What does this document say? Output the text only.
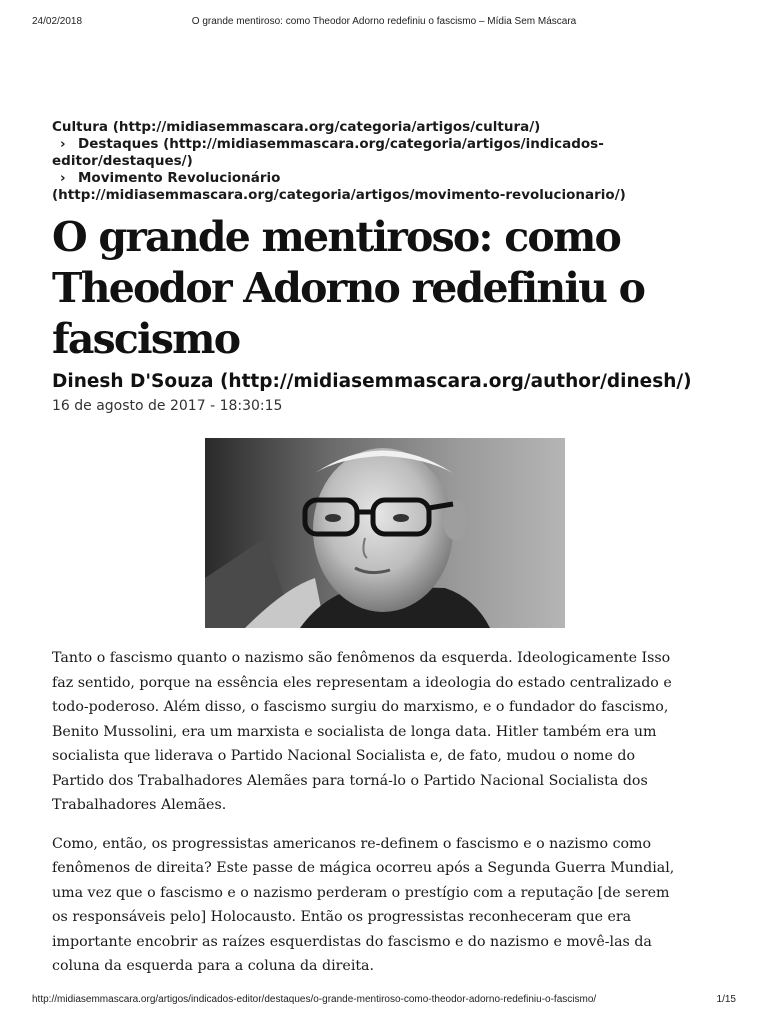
24/02/2018	O grande mentiroso: como Theodor Adorno redefiniu o fascismo – Mídia Sem Máscara
Cultura (http://midiasemmascara.org/categoria/artigos/cultura/)
› Destaques (http://midiasemmascara.org/categoria/artigos/indicados-
editor/destaques/)
› Movimento Revolucionário
(http://midiasemmascara.org/categoria/artigos/movimento-revolucionario/)
O grande mentiroso: como
Theodor Adorno redefiniu o
fascismo
Dinesh D'Souza (http://midiasemmascara.org/author/dinesh/)
16 de agosto de 2017 - 18:30:15

Tanto o fascismo quanto o nazismo são fenômenos da esquerda. Ideologicamente Isso
faz sentido, porque na essência eles representam a ideologia do estado centralizado e
todo-poderoso. Além disso, o fascismo surgiu do marxismo, e o fundador do fascismo,
Benito Mussolini, era um marxista e socialista de longa data. Hitler também era um
socialista que liderava o Partido Nacional Socialista e, de fato, mudou o nome do
Partido dos Trabalhadores Alemães para torná-lo o Partido Nacional Socialista dos
Trabalhadores Alemães.

Como, então, os progressistas americanos re-definem o fascismo e o nazismo como
fenômenos de direita? Este passe de mágica ocorreu após a Segunda Guerra Mundial,
uma vez que o fascismo e o nazismo perderam o prestígio com a reputação [de serem
os responsáveis pelo] Holocausto. Então os progressistas reconheceram que era
importante encobrir as raízes esquerdistas do fascismo e do nazismo e movê-las da
coluna da esquerda para a coluna da direita.

http://midiasemmascara.org/artigos/indicados-editor/destaques/o-grande-mentiroso-como-theodor-adorno-redefiniu-o-fascismo/	1/15
